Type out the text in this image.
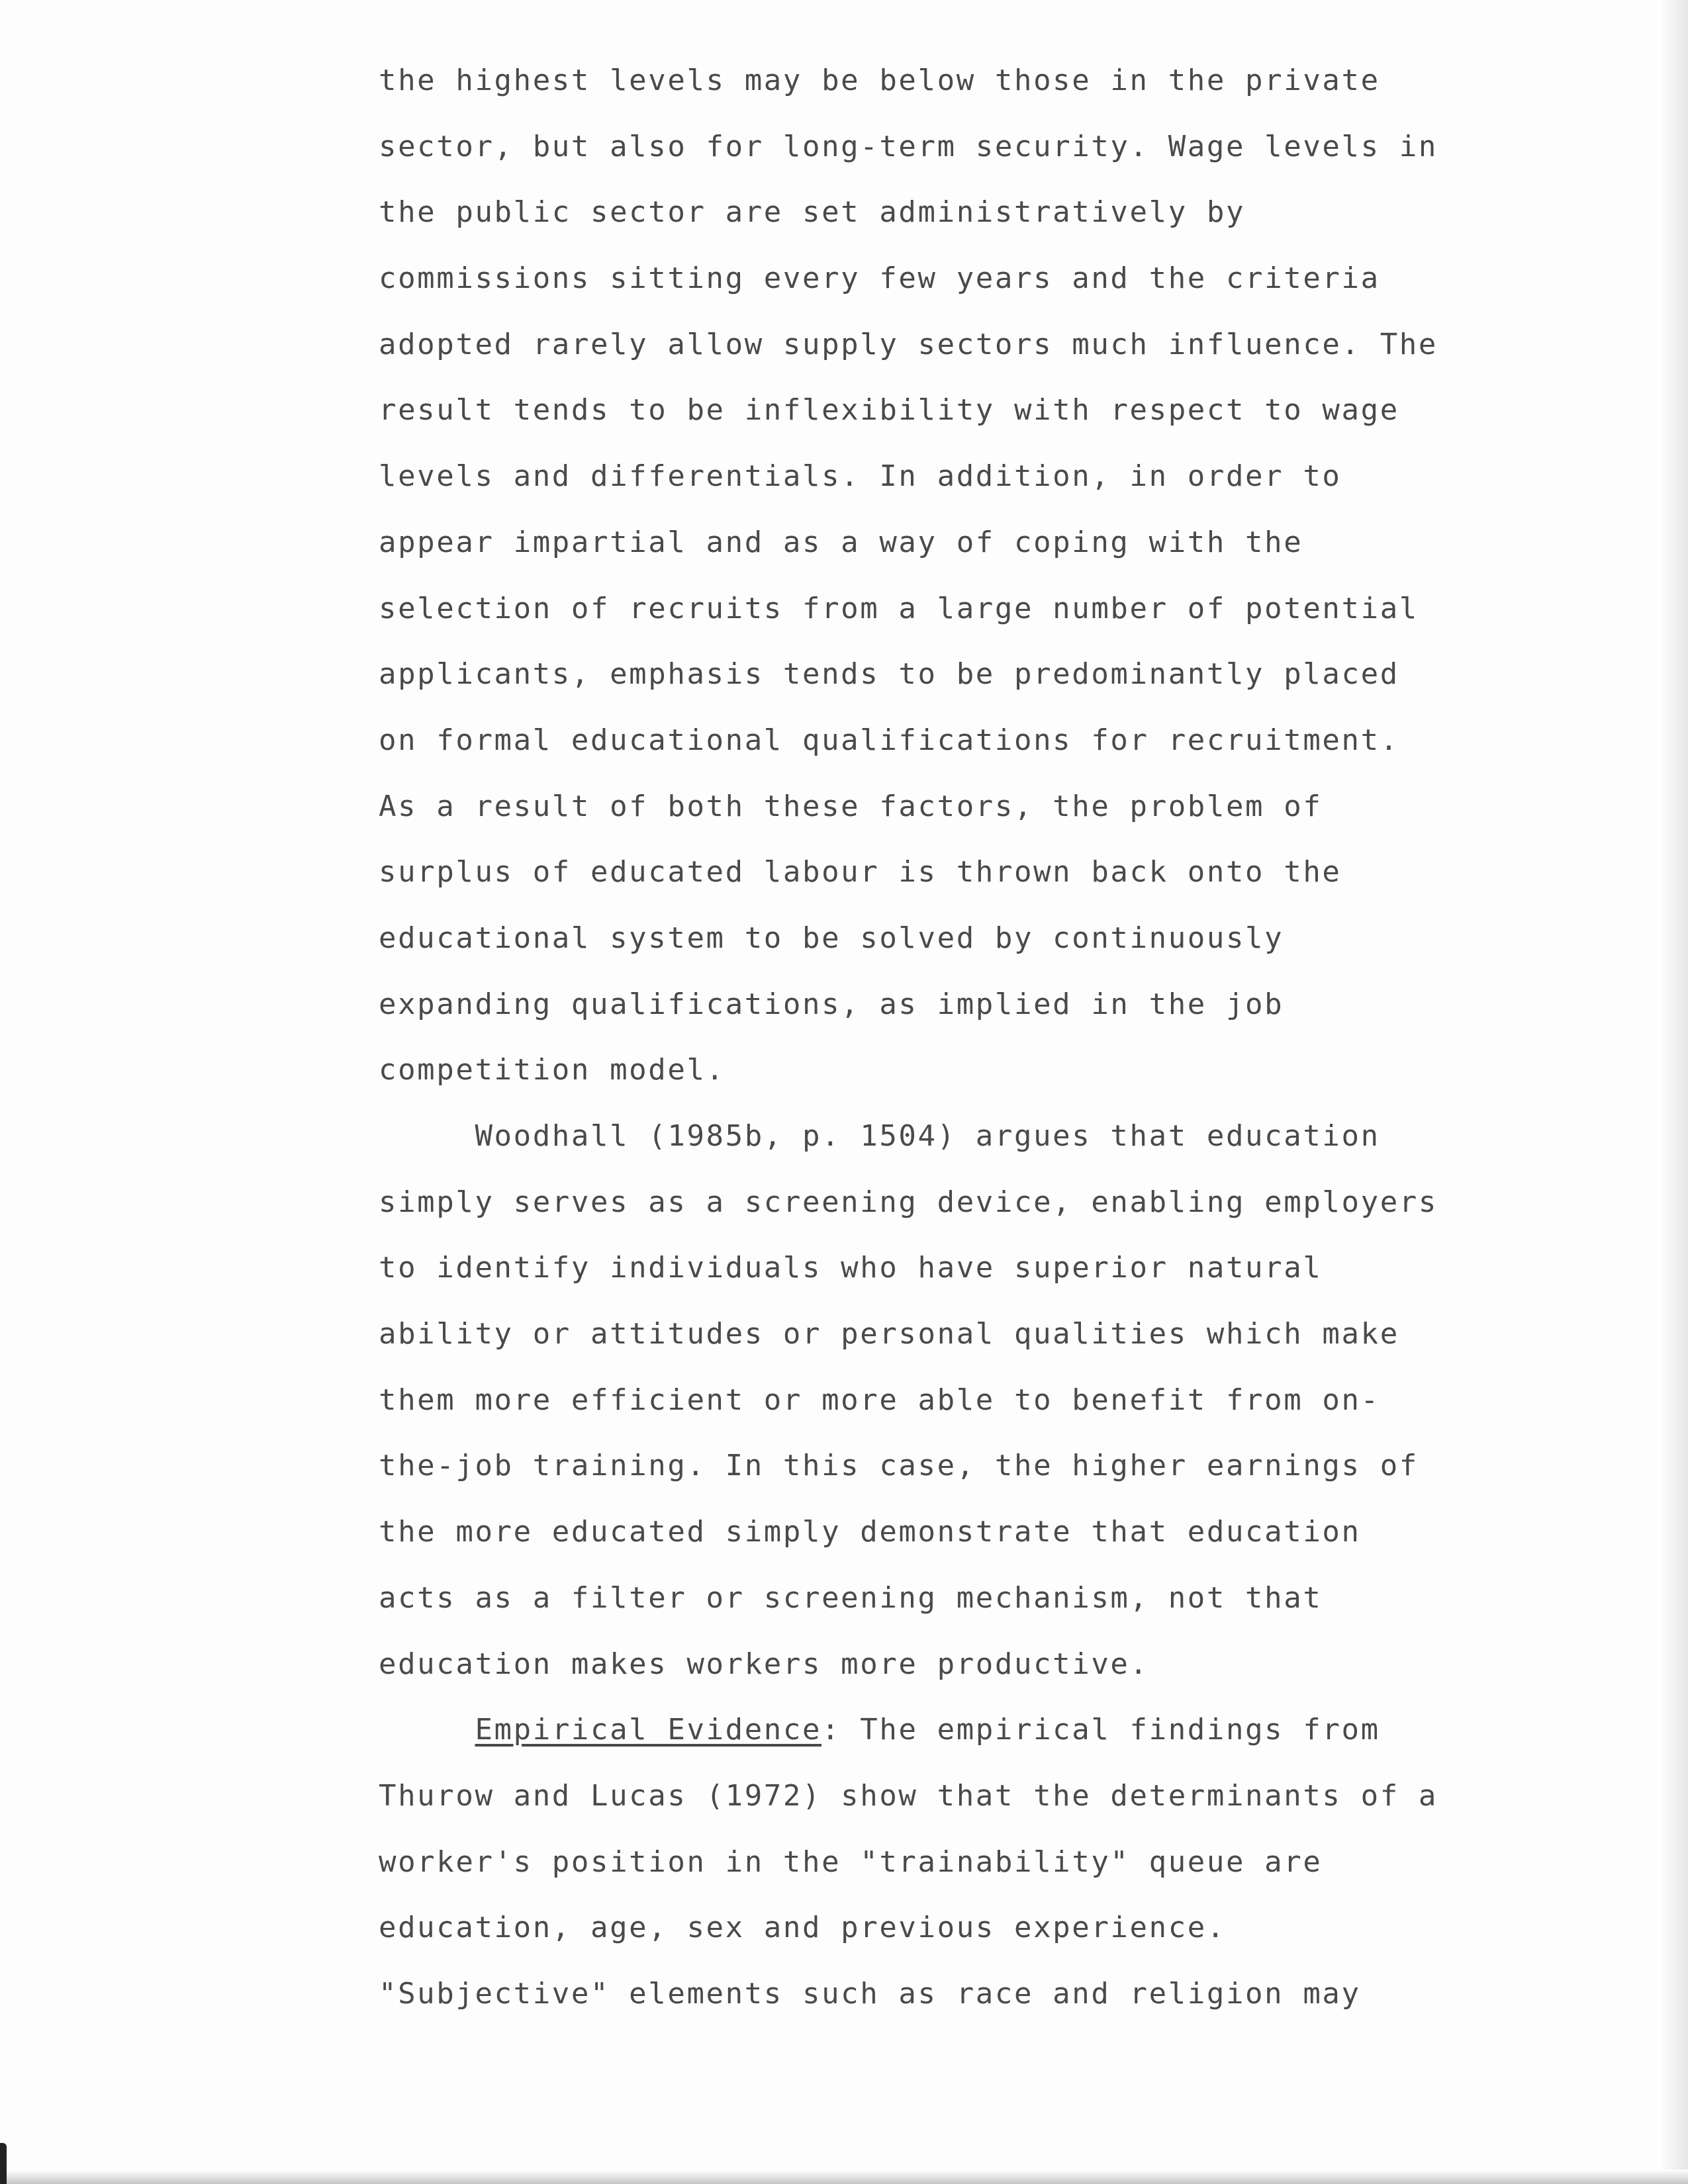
the highest levels may be below those in the private
sector, but also for long-term security. Wage levels in
the public sector are set administratively by
commissions sitting every few years and the criteria
adopted rarely allow supply sectors much influence. The
result tends to be inflexibility with respect to wage
levels and differentials. In addition, in order to
appear impartial and as a way of coping with the
selection of recruits from a large number of potential
applicants, emphasis tends to be predominantly placed
on formal educational qualifications for recruitment.
As a result of both these factors, the problem of
surplus of educated labour is thrown back onto the
educational system to be solved by continuously
expanding qualifications, as implied in the job
competition model.
Woodhall (1985b, p. 1504) argues that education
simply serves as a screening device, enabling employers
to identify individuals who have superior natural
ability or attitudes or personal qualities which make
them more efficient or more able to benefit from on-
the-job training. In this case, the higher earnings of
the more educated simply demonstrate that education
acts as a filter or screening mechanism, not that
education makes workers more productive.
Empirical Evidence: The empirical findings from
Thurow and Lucas (1972) show that the determinants of a
worker's position in the "trainability" queue are
education, age, sex and previous experience.
"Subjective" elements such as race and religion may
